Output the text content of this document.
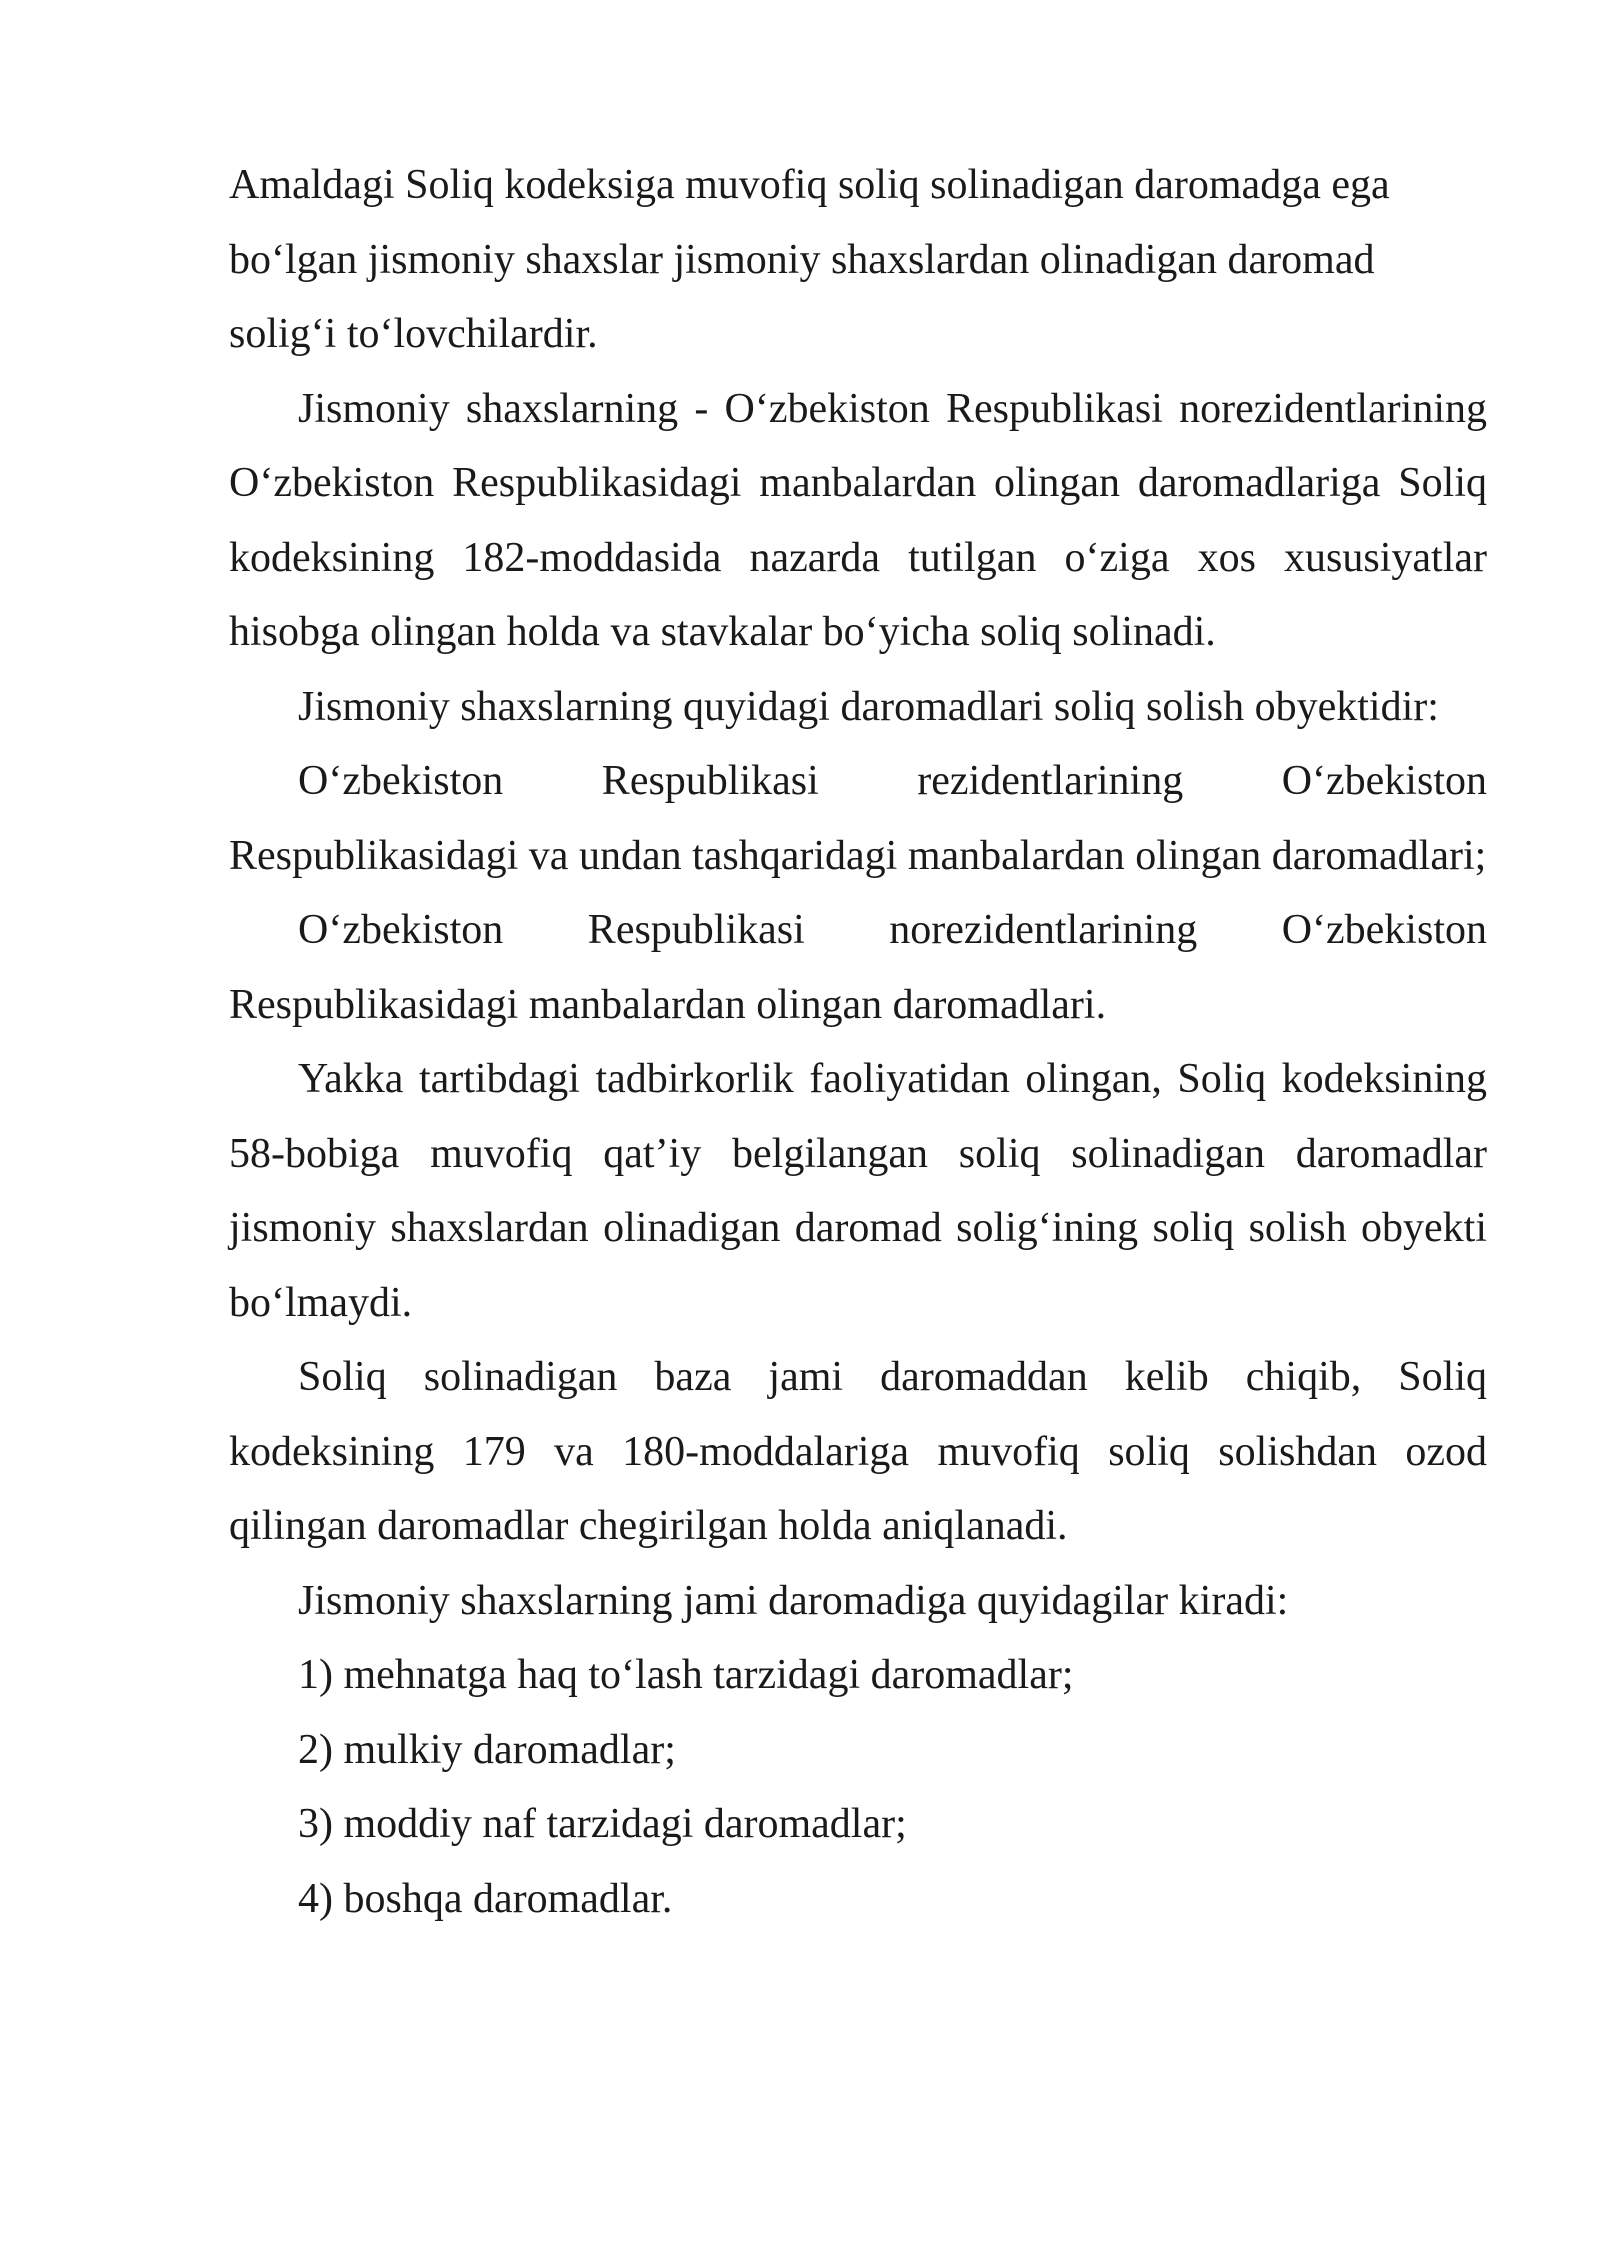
Amaldagi Soliq kodeksiga muvofiq soliq solinadigan daromadga ega bo‘lgan jismoniy shaxslar jismoniy shaxslardan olinadigan daromad solig‘i to‘lovchilardir.

Jismoniy shaxslarning - O‘zbekiston Respublikasi norezidentlarining O‘zbekiston Respublikasidagi manbalardan olingan daromadlariga Soliq kodeksining 182-moddasida nazarda tutilgan o‘ziga xos xususiyatlar hisobga olingan holda va stavkalar bo‘yicha soliq solinadi.

Jismoniy shaxslarning quyidagi daromadlari soliq solish obyektidir:

O‘zbekiston Respublikasi rezidentlarining O‘zbekiston Respublikasidagi va undan tashqaridagi manbalardan olingan daromadlari;

O‘zbekiston Respublikasi norezidentlarining O‘zbekiston Respublikasidagi manbalardan olingan daromadlari.

Yakka tartibdagi tadbirkorlik faoliyatidan olingan, Soliq kodeksining 58-bobiga muvofiq qat’iy belgilangan soliq solinadigan daromadlar jismoniy shaxslardan olinadigan daromad solig‘ining soliq solish obyekti bo‘lmaydi.

Soliq solinadigan baza jami daromaddan kelib chiqib, Soliq kodeksining 179 va 180-moddalariga muvofiq soliq solishdan ozod qilingan daromadlar chegirilgan holda aniqlanadi.

Jismoniy shaxslarning jami daromadiga quyidagilar kiradi:

1) mehnatga haq to‘lash tarzidagi daromadlar;

2) mulkiy daromadlar;

3) moddiy naf tarzidagi daromadlar;

4) boshqa daromadlar.
